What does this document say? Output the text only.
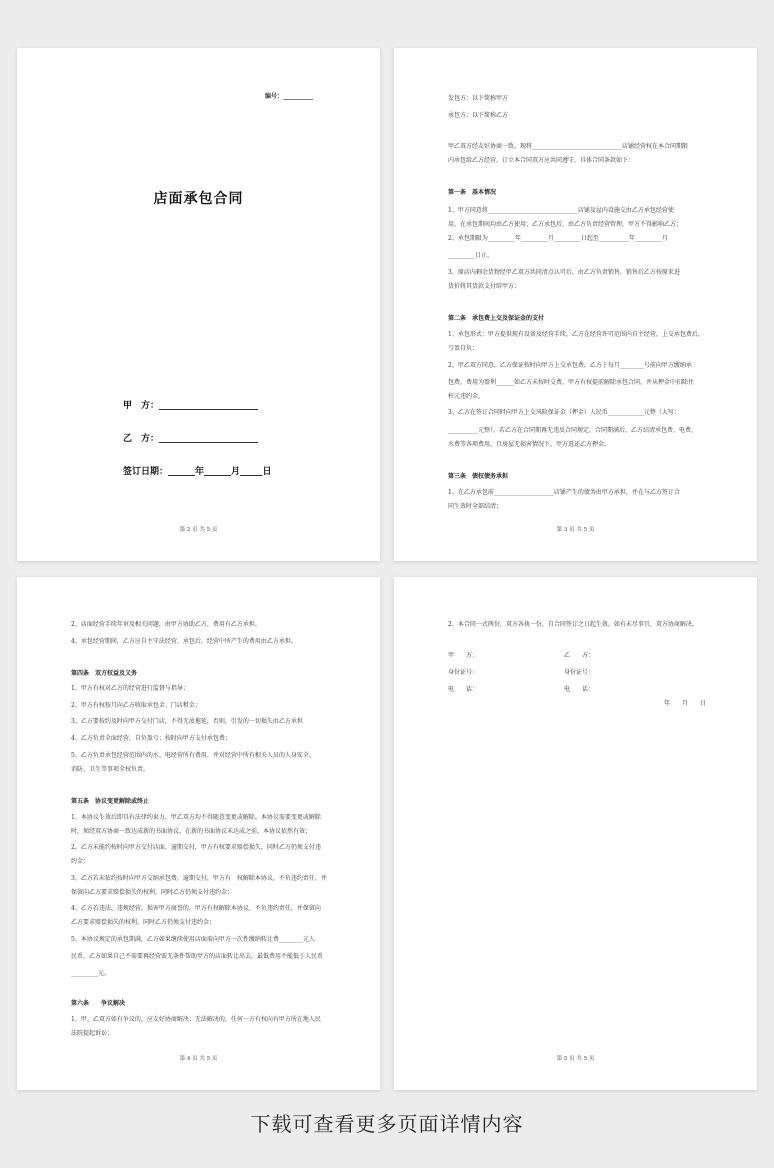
编号：__________
店面承包合同
甲　方：______________________
乙　方：______________________
签订日期：______年______月_____日
第 2 页 共 5 页
发包方：以下简称甲方
承包方：以下简称乙方
甲乙双方经友好协商一致，现将______________________________店铺经营权在本合同期限
内承包给乙方经营，订立本合同双方应共同遵守，具体合同条款如下：
第一条　基本情况
1、甲方同意将______________________________店铺及屋内设施交由乙方承包经营使
用，在承包期间均由乙方使用；乙方承包后，由乙方负责经营管理，甲方不得影响乙方；
2、承包期限为_________年_________月_________日起至__________年_________月
_________日止。
3、原店内剩余货物经甲乙双方共同清点认可后，由乙方负责销售，销售后乙方按原来进
货价将其货款支付给甲方；
第二条　承包费上交及保证金的支付
1、承包形式：甲方提供现有设备及经营手续，乙方在经营许可范围内自主经营，上交承包费后，
亏盈自负；
2、甲乙双方同意，乙方保证按时向甲方上交承包费，乙方于每月________号前向甲方缴纳承
包费，费用为盈利______如乙方未按时交费，甲方有权提前解除承包合同，并从押金中扣除住
杆元违约金。
3、乙方在签订合同时向甲方上交风险保证金（押金）人民币____________元整（大写：
__________元整），若乙方在合同期再无违反合同规定，合同期满后，乙方结清承包费、电费、
水费等各项费用，且房屋无损害情况下，甲方返还乙方押金。
第三条　债权债务承担
1、在乙方承包前____________________店铺产生的债务由甲方承担，并在与乙方签订合
同生效时全部结清；
第 3 页 共 5 页
2、店面经营手续年审及相关问题，由甲方协助乙方，费用有乙方承担。
4、承包经营期间，乙方应自主守法经营，承包后，经营中所产生的费用由乙方承担。
第四条　双方权益及义务
1、甲方有权对乙方的经营进行监督与指导；
2、甲方有权按月向乙方收取承包金、门店租金；
3、乙方要按约及时向甲方交付门店，不得无故拖延，否则，引发的一切损失由乙方承担
4、乙方负责全面经营，自负盈亏；按时向甲方支付承包费；
5、乙方负责承包经营范围内的水、电经营所有费用，并对经营中所有相关人员的人身安全、
消防、卫生等事项全权负责。
第五条　协议变更解除或终止
1、本协议生效后即具有法律约束力，甲乙双方均不得随意变更或解除。本协议需要变更或解除
时，须经双方协商一致达成新的书面协议，在新的书面协议未达成之前，本协议依然有效；
2、乙方未能约按时向甲方交付店面，逾期交付，甲方有权要求赔偿损失，同时乙方仍须支付违
约金；
3、乙方若未依约按时向甲方交纳承包费，逾期交付，甲方有　权解除本协议，不负违约责任，并
保留向乙方要求赔偿损失的权利，同时乙方仍须支付违约金；
4、乙方若违法、违规经营，损害甲方商誉的，甲方有权解除本协议，不负违约责任，并保留向
乙方要求赔偿损失的权利，同时乙方仍须支付违约金；
5、本协议规定的承包期满，乙方如果继续使用店面需向甲方一次性缴纳转让费________元人
民币，乙方如果自己不需要再经营需无条件帮助甲方的店面转让出去，最低费用不能低于人民币
_________元。
第六条　　争议解决
1、甲、乙双方如有争议的，应友好协商解决；无法解决的，任何一方有权向有甲方所在地人民
法院提起诉讼；
第 4 页 共 5 页
2、本合同一式两份，双方各执一份，自合同签订之日起生效。如有未尽事宜，双方协商解决。
甲　　方：
身份证号：
电　　话：
乙　　方：
身份证号：
电　　话：
年　　月　　日
第 5 页 共 5 页
下载可查看更多页面详情内容
